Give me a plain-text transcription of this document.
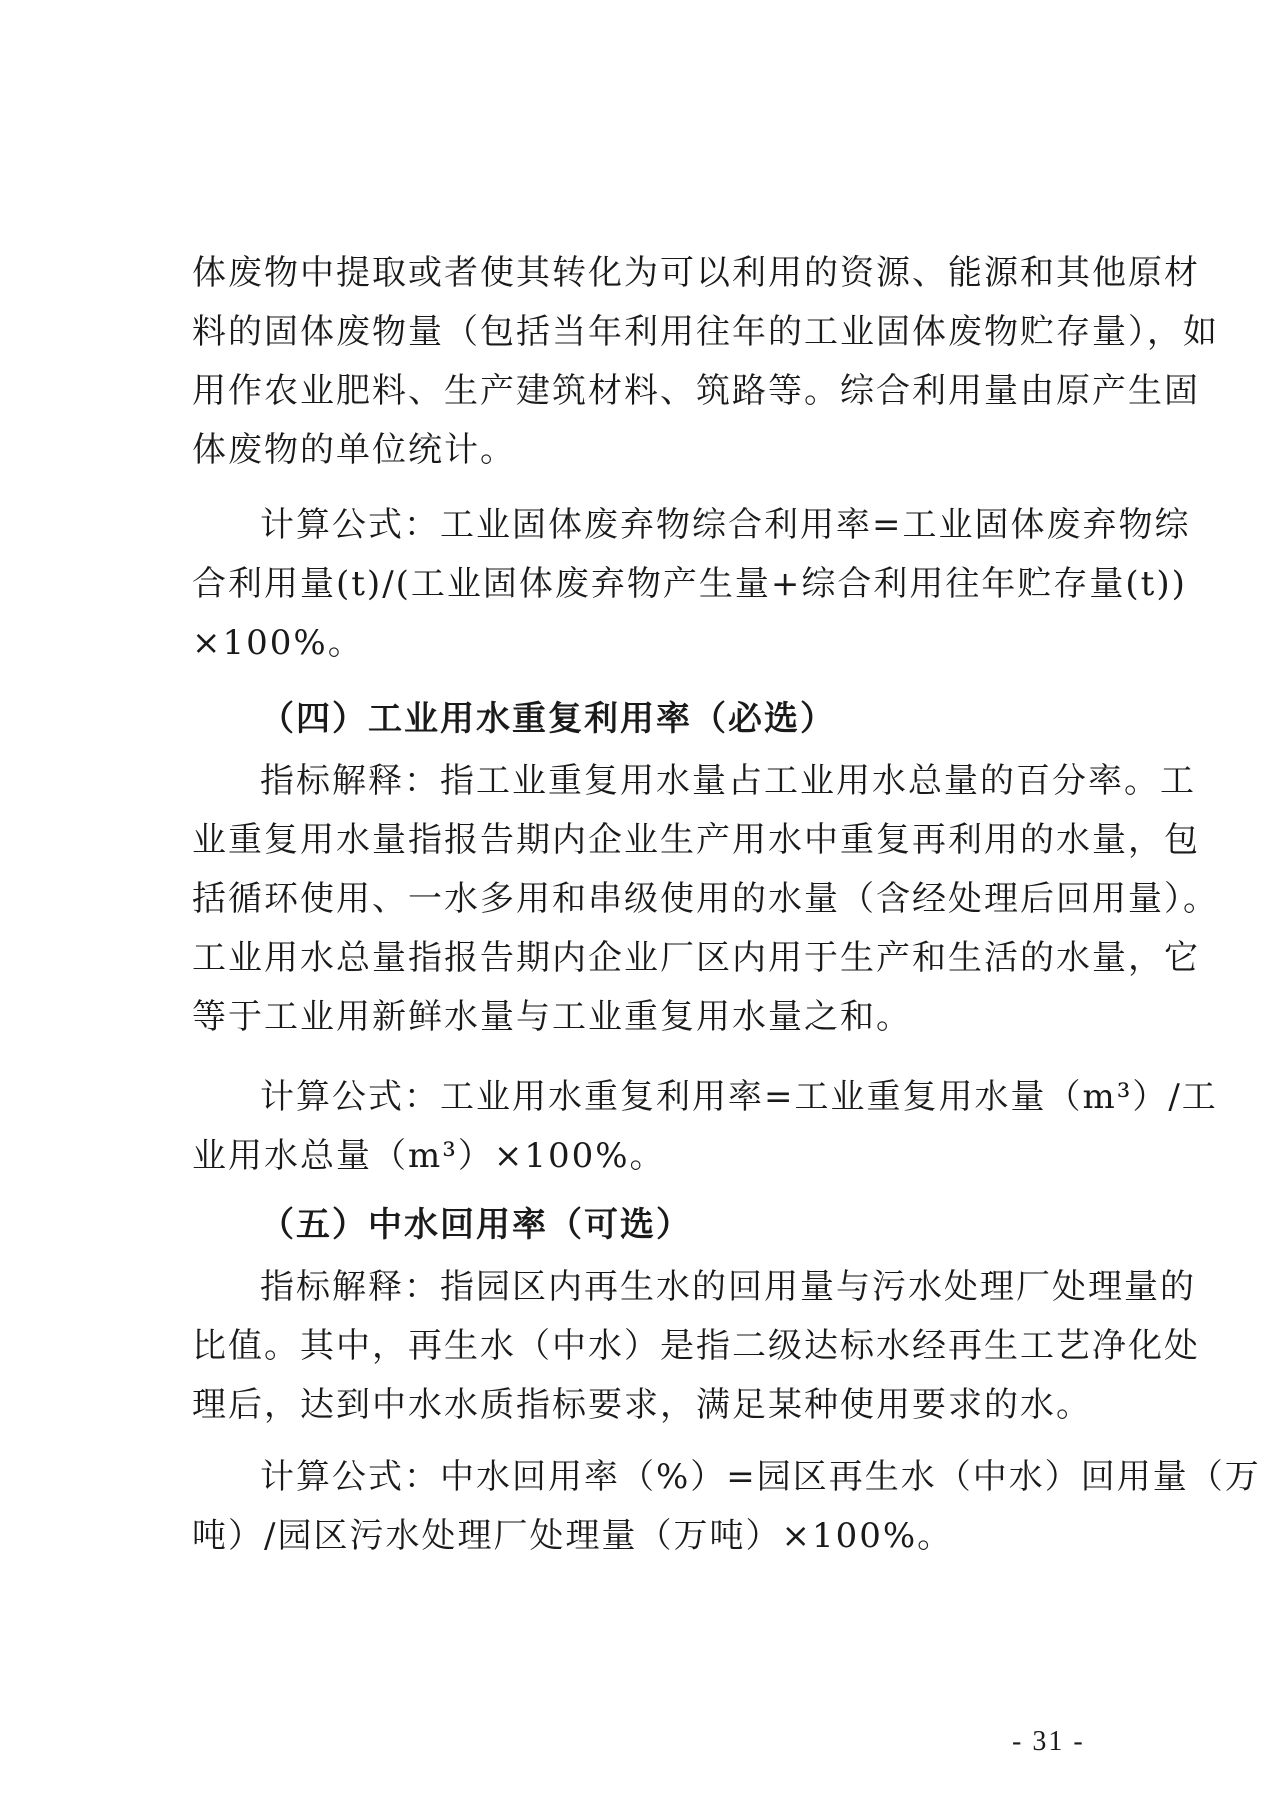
体废物中提取或者使其转化为可以利用的资源、能源和其他原材
料的固体废物量（包括当年利用往年的工业固体废物贮存量），如
用作农业肥料、生产建筑材料、筑路等。综合利用量由原产生固
体废物的单位统计。
计算公式：工业固体废弃物综合利用率=工业固体废弃物综
合利用量(t)/(工业固体废弃物产生量+综合利用往年贮存量(t))
×100%。
（四）工业用水重复利用率（必选）
指标解释：指工业重复用水量占工业用水总量的百分率。工
业重复用水量指报告期内企业生产用水中重复再利用的水量，包
括循环使用、一水多用和串级使用的水量（含经处理后回用量）。
工业用水总量指报告期内企业厂区内用于生产和生活的水量，它
等于工业用新鲜水量与工业重复用水量之和。
计算公式：工业用水重复利用率=工业重复用水量（m³）/工
业用水总量（m³）×100%。
（五）中水回用率（可选）
指标解释：指园区内再生水的回用量与污水处理厂处理量的
比值。其中，再生水（中水）是指二级达标水经再生工艺净化处
理后，达到中水水质指标要求，满足某种使用要求的水。
计算公式：中水回用率（%）=园区再生水（中水）回用量（万
吨）/园区污水处理厂处理量（万吨）×100%。
- 31 -
